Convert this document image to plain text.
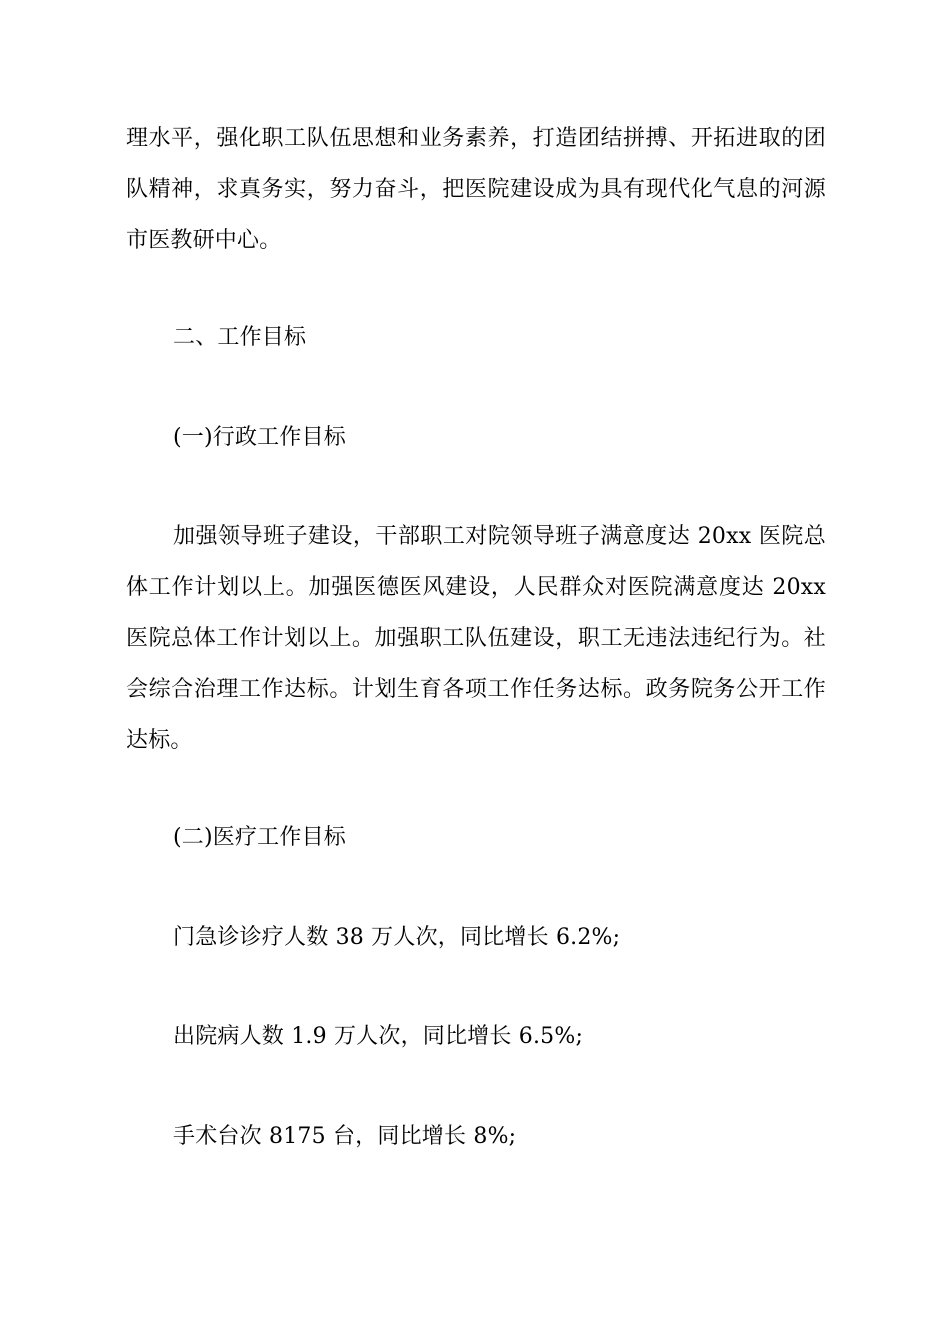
理水平，强化职工队伍思想和业务素养，打造团结拼搏、开拓进取的团
队精神，求真务实，努力奋斗，把医院建设成为具有现代化气息的河源
市医教研中心。
二、工作目标
(一)行政工作目标
加强领导班子建设，干部职工对院领导班子满意度达 20xx 医院总
体工作计划以上。加强医德医风建设，人民群众对医院满意度达 20xx
医院总体工作计划以上。加强职工队伍建设，职工无违法违纪行为。社
会综合治理工作达标。计划生育各项工作任务达标。政务院务公开工作
达标。
(二)医疗工作目标
门急诊诊疗人数 38 万人次，同比增长 6.2%;
出院病人数 1.9 万人次，同比增长 6.5%;
手术台次 8175 台，同比增长 8%;
